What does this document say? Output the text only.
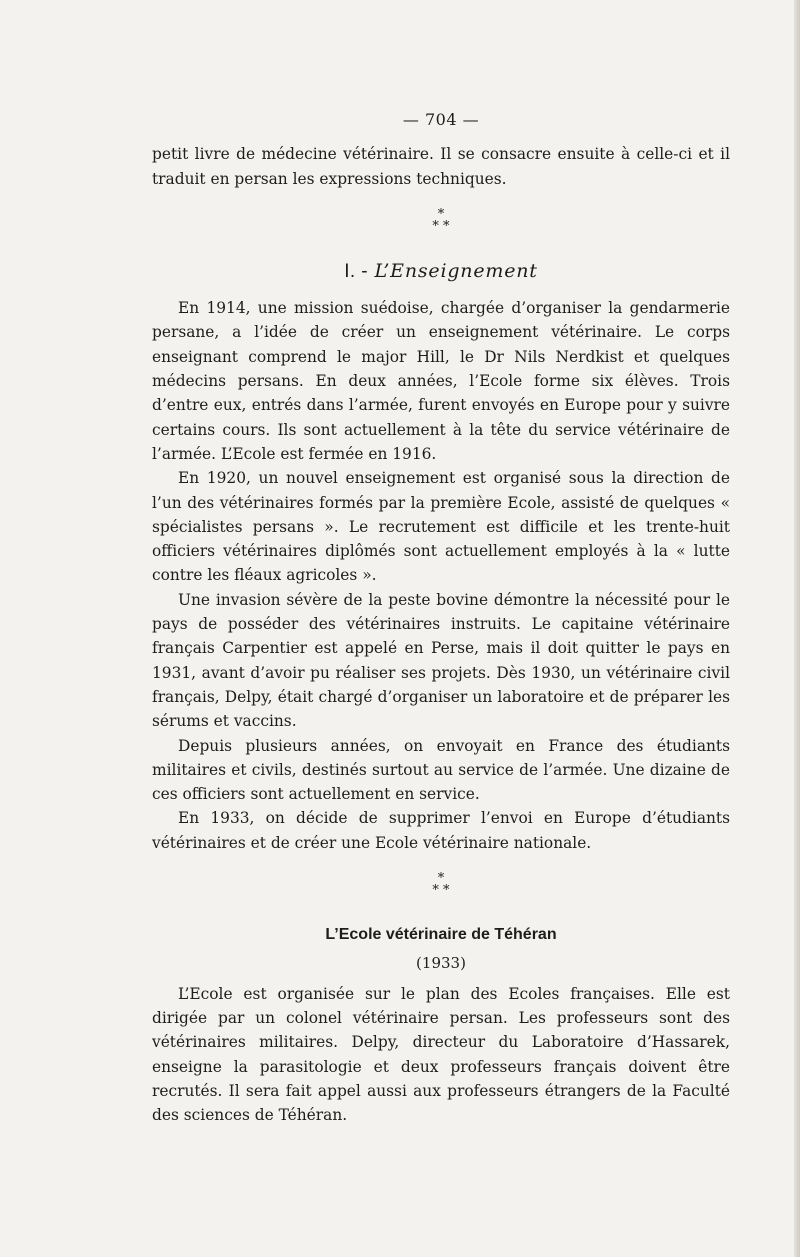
— 704 —

petit livre de médecine vétérinaire. Il se consacre ensuite à celle-ci et il traduit en persan les expressions techniques.

*
* *
I. - L’Enseignement

En 1914, une mission suédoise, chargée d’organiser la gendarmerie persane, a l’idée de créer un enseignement vétérinaire. Le corps enseignant comprend le major Hill, le Dr Nils Nerdkist et quelques médecins persans. En deux années, l’Ecole forme six élèves. Trois d’entre eux, entrés dans l’armée, furent envoyés en Europe pour y suivre certains cours. Ils sont actuellement à la tête du service vétérinaire de l’armée. L’Ecole est fermée en 1916.

En 1920, un nouvel enseignement est organisé sous la direction de l’un des vétérinaires formés par la première Ecole, assisté de quelques « spécialistes persans ». Le recrutement est difficile et les trente-huit officiers vétérinaires diplômés sont actuellement employés à la « lutte contre les fléaux agricoles ».

Une invasion sévère de la peste bovine démontre la nécessité pour le pays de posséder des vétérinaires instruits. Le capitaine vétérinaire français Carpentier est appelé en Perse, mais il doit quitter le pays en 1931, avant d’avoir pu réaliser ses projets. Dès 1930, un vétérinaire civil français, Delpy, était chargé d’organiser un laboratoire et de préparer les sérums et vaccins.

Depuis plusieurs années, on envoyait en France des étudiants militaires et civils, destinés surtout au service de l’armée. Une dizaine de ces officiers sont actuellement en service.

En 1933, on décide de supprimer l’envoi en Europe d’étudiants vétérinaires et de créer une Ecole vétérinaire nationale.

*
* *
L’Ecole vétérinaire de Téhéran
(1933)

L’Ecole est organisée sur le plan des Ecoles françaises. Elle est dirigée par un colonel vétérinaire persan. Les professeurs sont des vétérinaires militaires. Delpy, directeur du Laboratoire d’Hassarek, enseigne la parasitologie et deux professeurs français doivent être recrutés. Il sera fait appel aussi aux professeurs étrangers de la Faculté des sciences de Téhéran.
